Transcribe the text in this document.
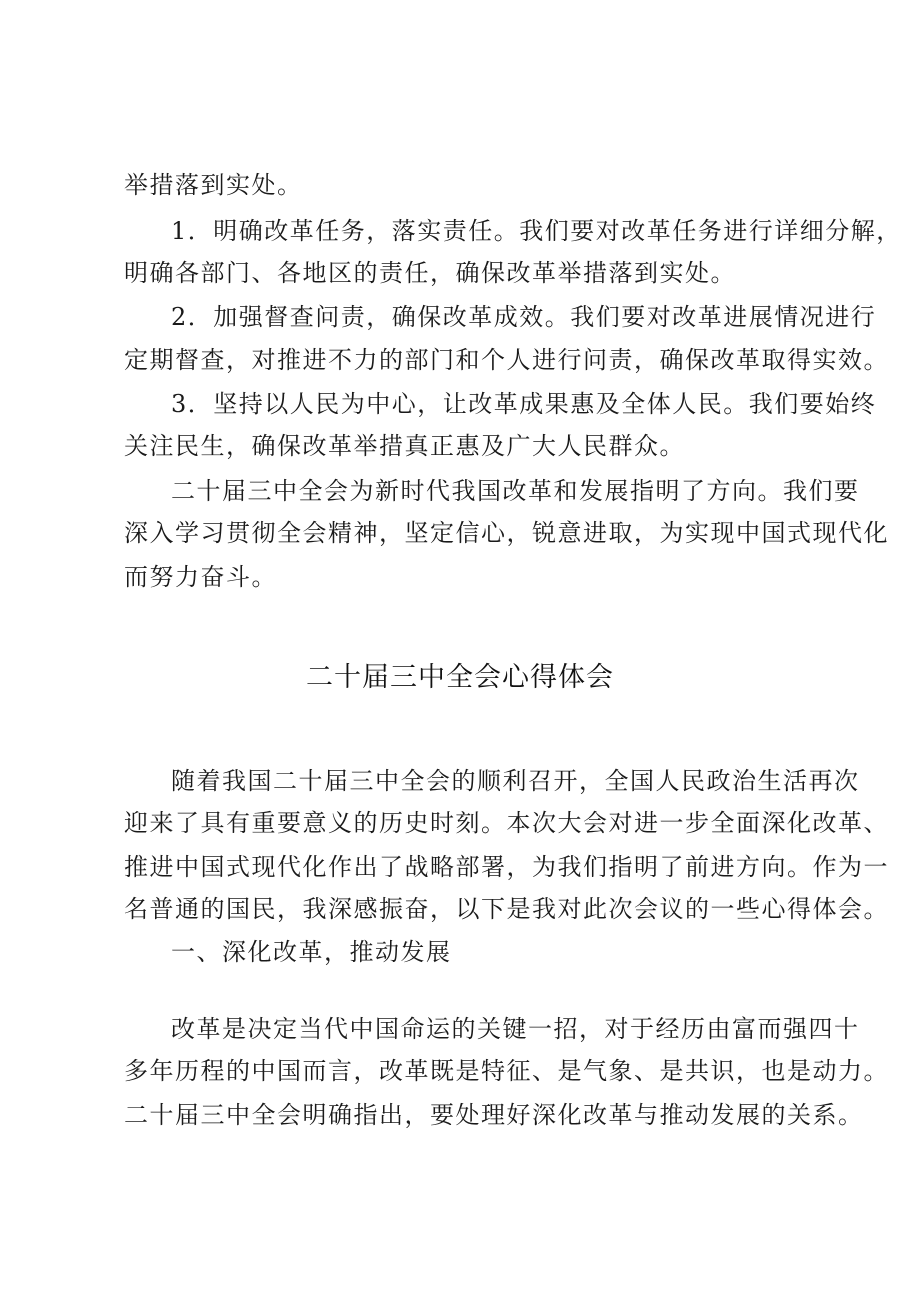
举措落到实处。
1．明确改革任务，落实责任。我们要对改革任务进行详细分解，
明确各部门、各地区的责任，确保改革举措落到实处。
2．加强督查问责，确保改革成效。我们要对改革进展情况进行
定期督查，对推进不力的部门和个人进行问责，确保改革取得实效。
3．坚持以人民为中心，让改革成果惠及全体人民。我们要始终
关注民生，确保改革举措真正惠及广大人民群众。
二十届三中全会为新时代我国改革和发展指明了方向。我们要
深入学习贯彻全会精神，坚定信心，锐意进取，为实现中国式现代化
而努力奋斗。
二十届三中全会心得体会
随着我国二十届三中全会的顺利召开，全国人民政治生活再次
迎来了具有重要意义的历史时刻。本次大会对进一步全面深化改革、
推进中国式现代化作出了战略部署，为我们指明了前进方向。作为一
名普通的国民，我深感振奋，以下是我对此次会议的一些心得体会。
一、深化改革，推动发展
改革是决定当代中国命运的关键一招，对于经历由富而强四十
多年历程的中国而言，改革既是特征、是气象、是共识，也是动力。
二十届三中全会明确指出，要处理好深化改革与推动发展的关系。
